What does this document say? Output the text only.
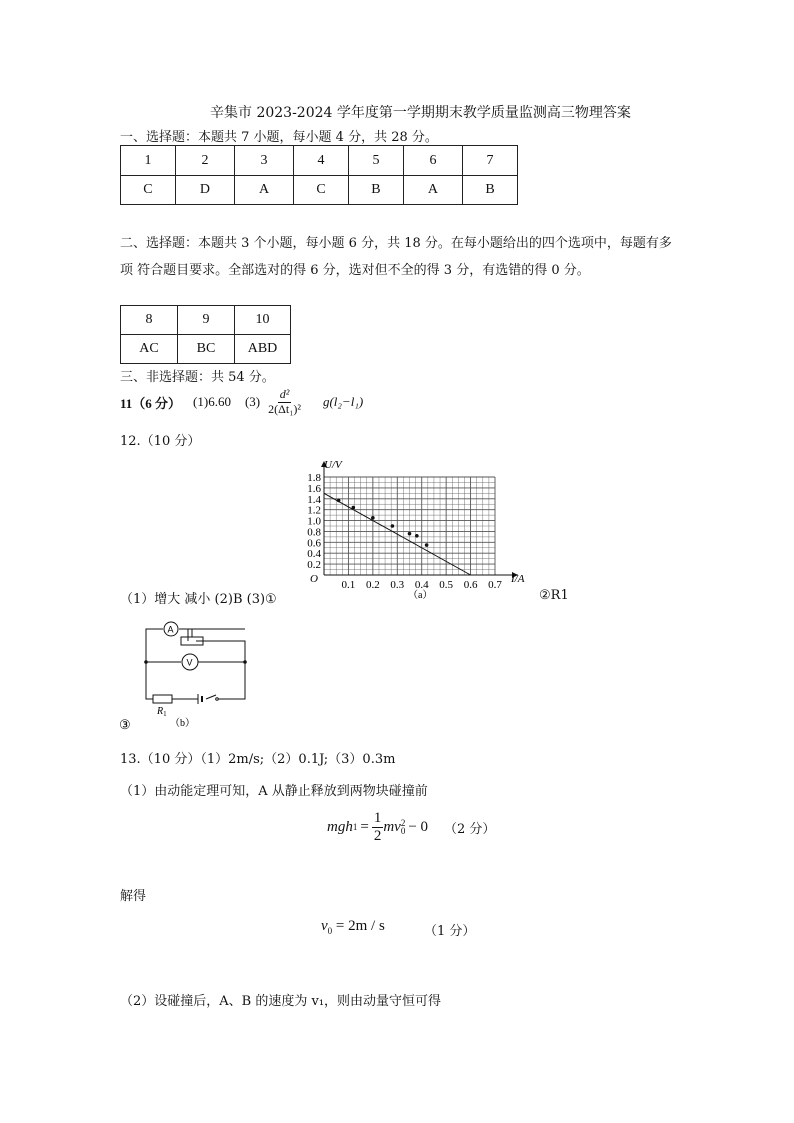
辛集市 2023-2024 学年度第一学期期末教学质量监测高三物理答案
一、选择题：本题共 7 小题，每小题 4 分，共 28 分。
1	2	3	4	5	6	7
C	D	A	C	B	A	B
二、选择题：本题共 3 个小题，每小题 6 分，共 18 分。在每小题给出的四个选项中，每题有多
项 符合题目要求。全部选对的得 6 分，选对但不全的得 3 分，有选错的得 0 分。
8	9	10
AC	BC	ABD
三、非选择题：共 54 分。
11（6 分） (1)6.60 $(3) \frac{\text{d²}}{\text{2(Δt₁)²}} g(l_2-l_1)$
12.（10 分）
1.8
1.6
1.4
1.2
1.0
0.8
0.6
0.4
0.2
0.1 0.2 0.3 0.4 0.5 0.6 0.7
U/V
I/A
O
（a）
（1）增大 减小 (2)B (3)①	②R1
A
V
$R_1$
③	（b）
13.（10 分）（1）2m/s;（2）0.1J;（3）0.3m
（1）由动能定理可知，A 从静止释放到两物块碰撞前
mgh $1 = \frac{1}{2}$ mv 2
0 − 0 （2 分）
解得
$v_0 = 2m / s$	（1 分）
（2）设碰撞后，A、B 的速度为 v₁，则由动量守恒可得
